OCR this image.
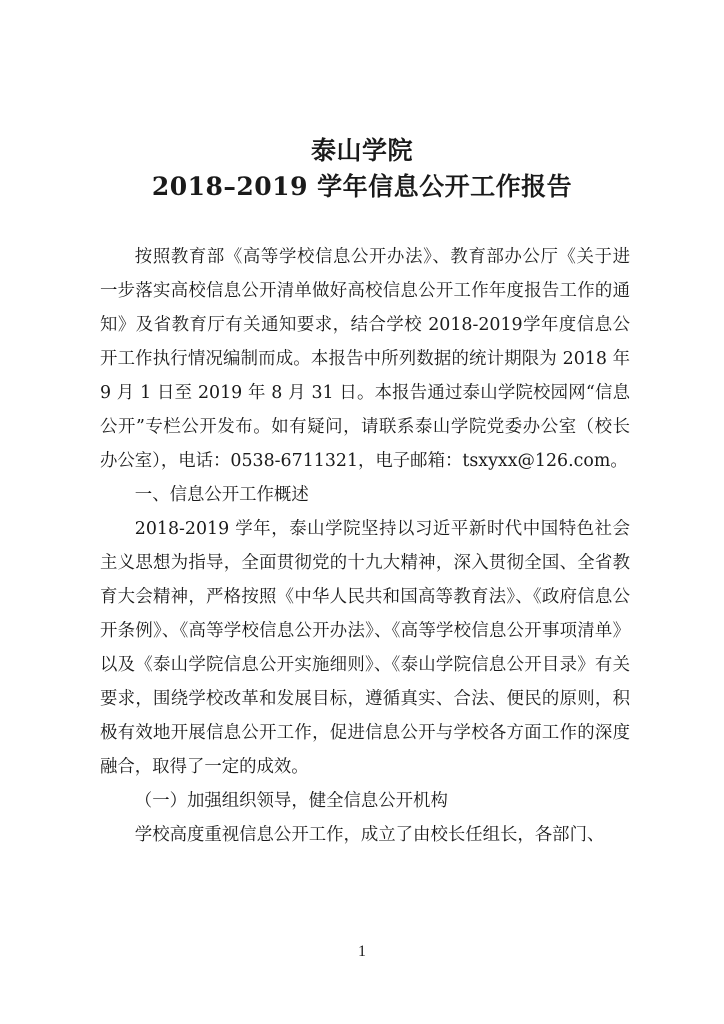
泰山学院
2018–2019 学年信息公开工作报告

按照教育部《高等学校信息公开办法》、教育部办公厅《关于进一步落实高校信息公开清单做好高校信息公开工作年度报告工作的通知》及省教育厅有关通知要求，结合学校 2018-2019学年度信息公开工作执行情况编制而成。本报告中所列数据的统计期限为 2018 年 9 月 1 日至 2019 年 8 月 31 日。本报告通过泰山学院校园网“信息公开”专栏公开发布。如有疑问，请联系泰山学院党委办公室（校长办公室），电话：0538-6711321，电子邮箱：tsxyxx@126.com。

一、信息公开工作概述

2018-2019 学年，泰山学院坚持以习近平新时代中国特色社会主义思想为指导，全面贯彻党的十九大精神，深入贯彻全国、全省教育大会精神，严格按照《中华人民共和国高等教育法》、《政府信息公开条例》、《高等学校信息公开办法》、《高等学校信息公开事项清单》以及《泰山学院信息公开实施细则》、《泰山学院信息公开目录》有关要求，围绕学校改革和发展目标，遵循真实、合法、便民的原则，积极有效地开展信息公开工作，促进信息公开与学校各方面工作的深度融合，取得了一定的成效。

（一）加强组织领导，健全信息公开机构

学校高度重视信息公开工作，成立了由校长任组长，各部门、

1
